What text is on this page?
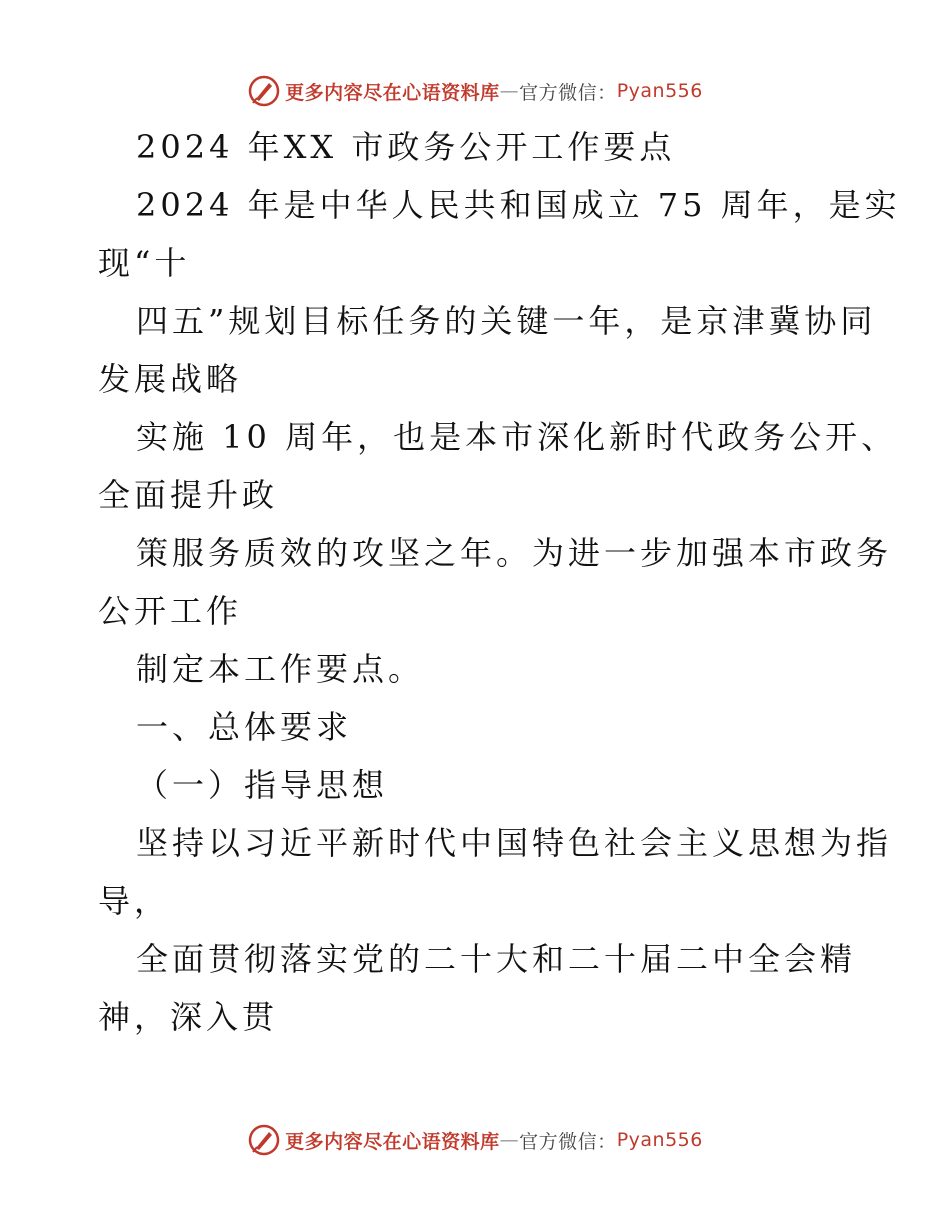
更多内容尽在心语资料库 — 官方微信： Pyan556
2024 年XX 市政务公开工作要点
2024 年是中华人民共和国成立 75 周年，是实
现“十
四五”规划目标任务的关键一年，是京津冀协同
发展战略
实施 10 周年，也是本市深化新时代政务公开、
全面提升政
策服务质效的攻坚之年。为进一步加强本市政务
公开工作
制定本工作要点。
一、总体要求
（一）指导思想
坚持以习近平新时代中国特色社会主义思想为指
导，
全面贯彻落实党的二十大和二十届二中全会精
神，深入贯
更多内容尽在心语资料库 — 官方微信： Pyan556
